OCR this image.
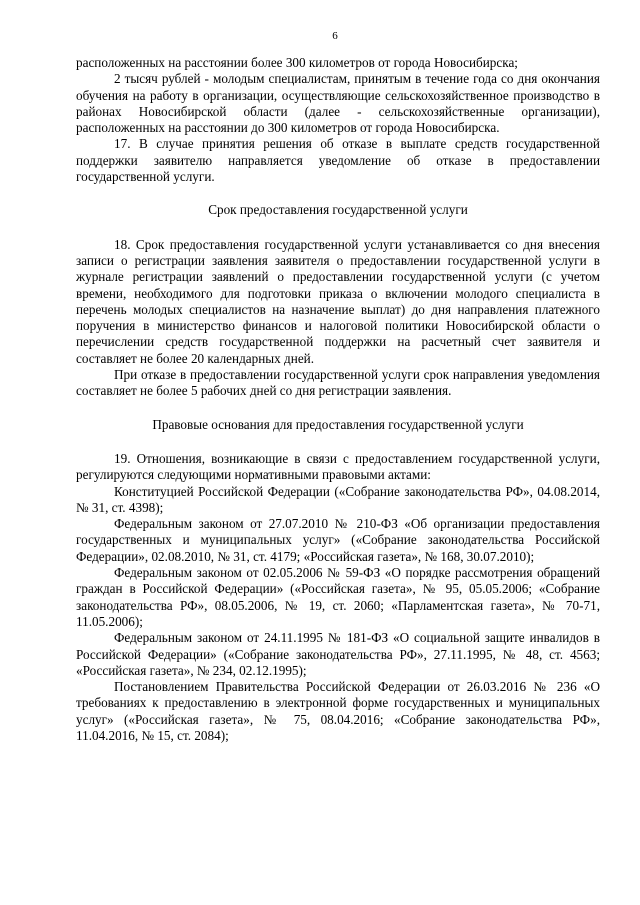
6

расположенных на расстоянии более 300 километров от города Новосибирска;

2 тысяч рублей - молодым специалистам, принятым в течение года со дня окончания обучения на работу в организации, осуществляющие сельскохозяйственное производство в районах Новосибирской области (далее - сельскохозяйственные организации), расположенных на расстоянии до 300 километров от города Новосибирска.

17. В случае принятия решения об отказе в выплате средств государственной поддержки заявителю направляется уведомление об отказе в предоставлении государственной услуги.

Срок предоставления государственной услуги

18. Срок предоставления государственной услуги устанавливается со дня внесения записи о регистрации заявления заявителя о предоставлении государственной услуги в журнале регистрации заявлений о предоставлении государственной услуги (с учетом времени, необходимого для подготовки приказа о включении молодого специалиста в перечень молодых специалистов на назначение выплат) до дня направления платежного поручения в министерство финансов и налоговой политики Новосибирской области о перечислении средств государственной поддержки на расчетный счет заявителя и составляет не более 20 календарных дней.

При отказе в предоставлении государственной услуги срок направления уведомления составляет не более 5 рабочих дней со дня регистрации заявления.

Правовые основания для предоставления государственной услуги

19. Отношения, возникающие в связи с предоставлением государственной услуги, регулируются следующими нормативными правовыми актами:

Конституцией Российской Федерации («Собрание законодательства РФ», 04.08.2014, № 31, ст. 4398);

Федеральным законом от 27.07.2010 № 210-ФЗ «Об организации предоставления государственных и муниципальных услуг» («Собрание законодательства Российской Федерации», 02.08.2010, № 31, ст. 4179; «Российская газета», № 168, 30.07.2010);

Федеральным законом от 02.05.2006 № 59-ФЗ «О порядке рассмотрения обращений граждан в Российской Федерации» («Российская газета», № 95, 05.05.2006; «Собрание законодательства РФ», 08.05.2006, № 19, ст. 2060; «Парламентская газета», № 70-71, 11.05.2006);

Федеральным законом от 24.11.1995 № 181-ФЗ «О социальной защите инвалидов в Российской Федерации» («Собрание законодательства РФ», 27.11.1995, № 48, ст. 4563; «Российская газета», № 234, 02.12.1995);

Постановлением Правительства Российской Федерации от 26.03.2016 № 236 «О требованиях к предоставлению в электронной форме государственных и муниципальных услуг» («Российская газета», № 75, 08.04.2016; «Собрание законодательства РФ», 11.04.2016, № 15, ст. 2084);
